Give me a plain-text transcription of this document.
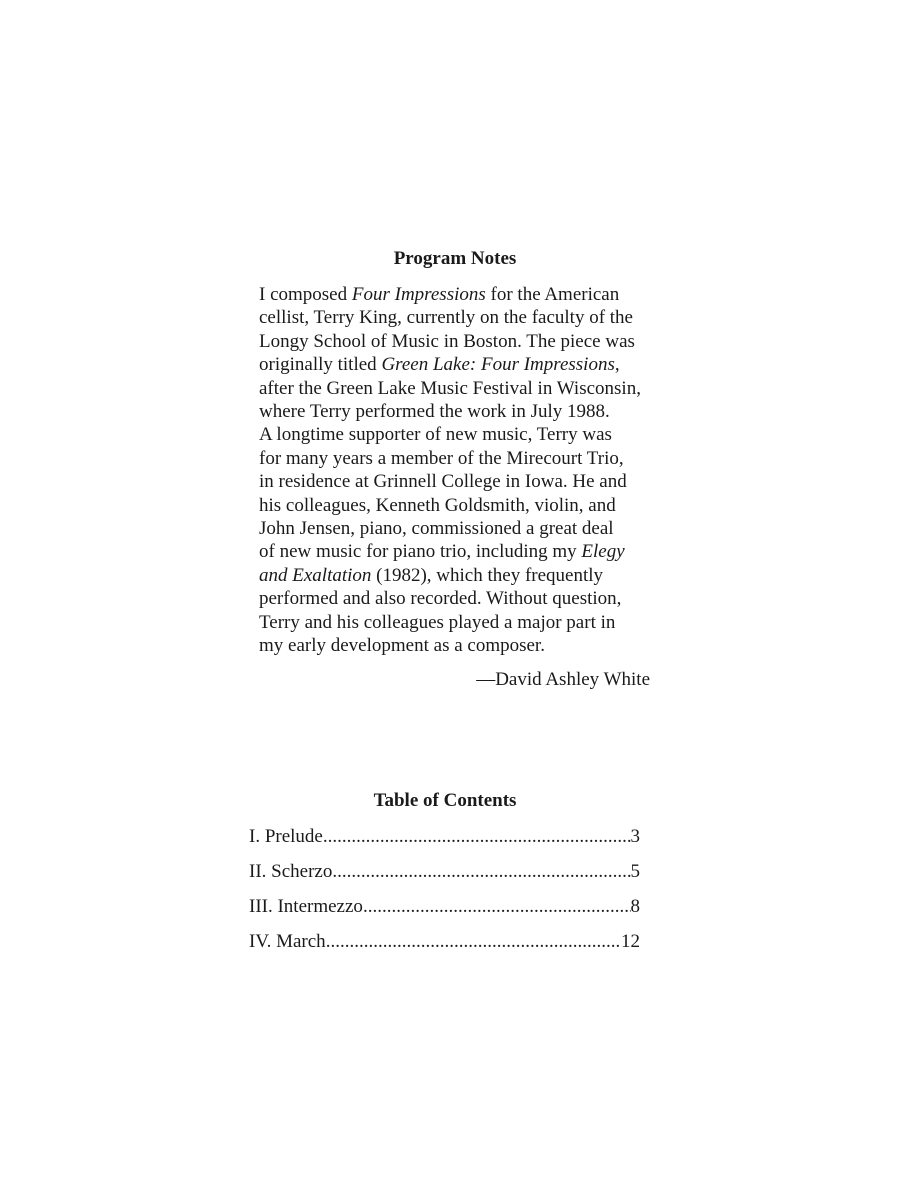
Program Notes
I composed Four Impressions for the American
cellist, Terry King, currently on the faculty of the
Longy School of Music in Boston. The piece was
originally titled Green Lake: Four Impressions,
after the Green Lake Music Festival in Wisconsin,
where Terry performed the work in July 1988.
A longtime supporter of new music, Terry was
for many years a member of the Mirecourt Trio,
in residence at Grinnell College in Iowa. He and
his colleagues, Kenneth Goldsmith, violin, and
John Jensen, piano, commissioned a great deal
of new music for piano trio, including my Elegy
and Exaltation (1982), which they frequently
performed and also recorded. Without question,
Terry and his colleagues played a major part in
my early development as a composer.

—David Ashley White

Table of Contents
I. Prelude .....	3
II. Scherzo .....	5
III. Intermezzo .....	8
IV. March .....	12
